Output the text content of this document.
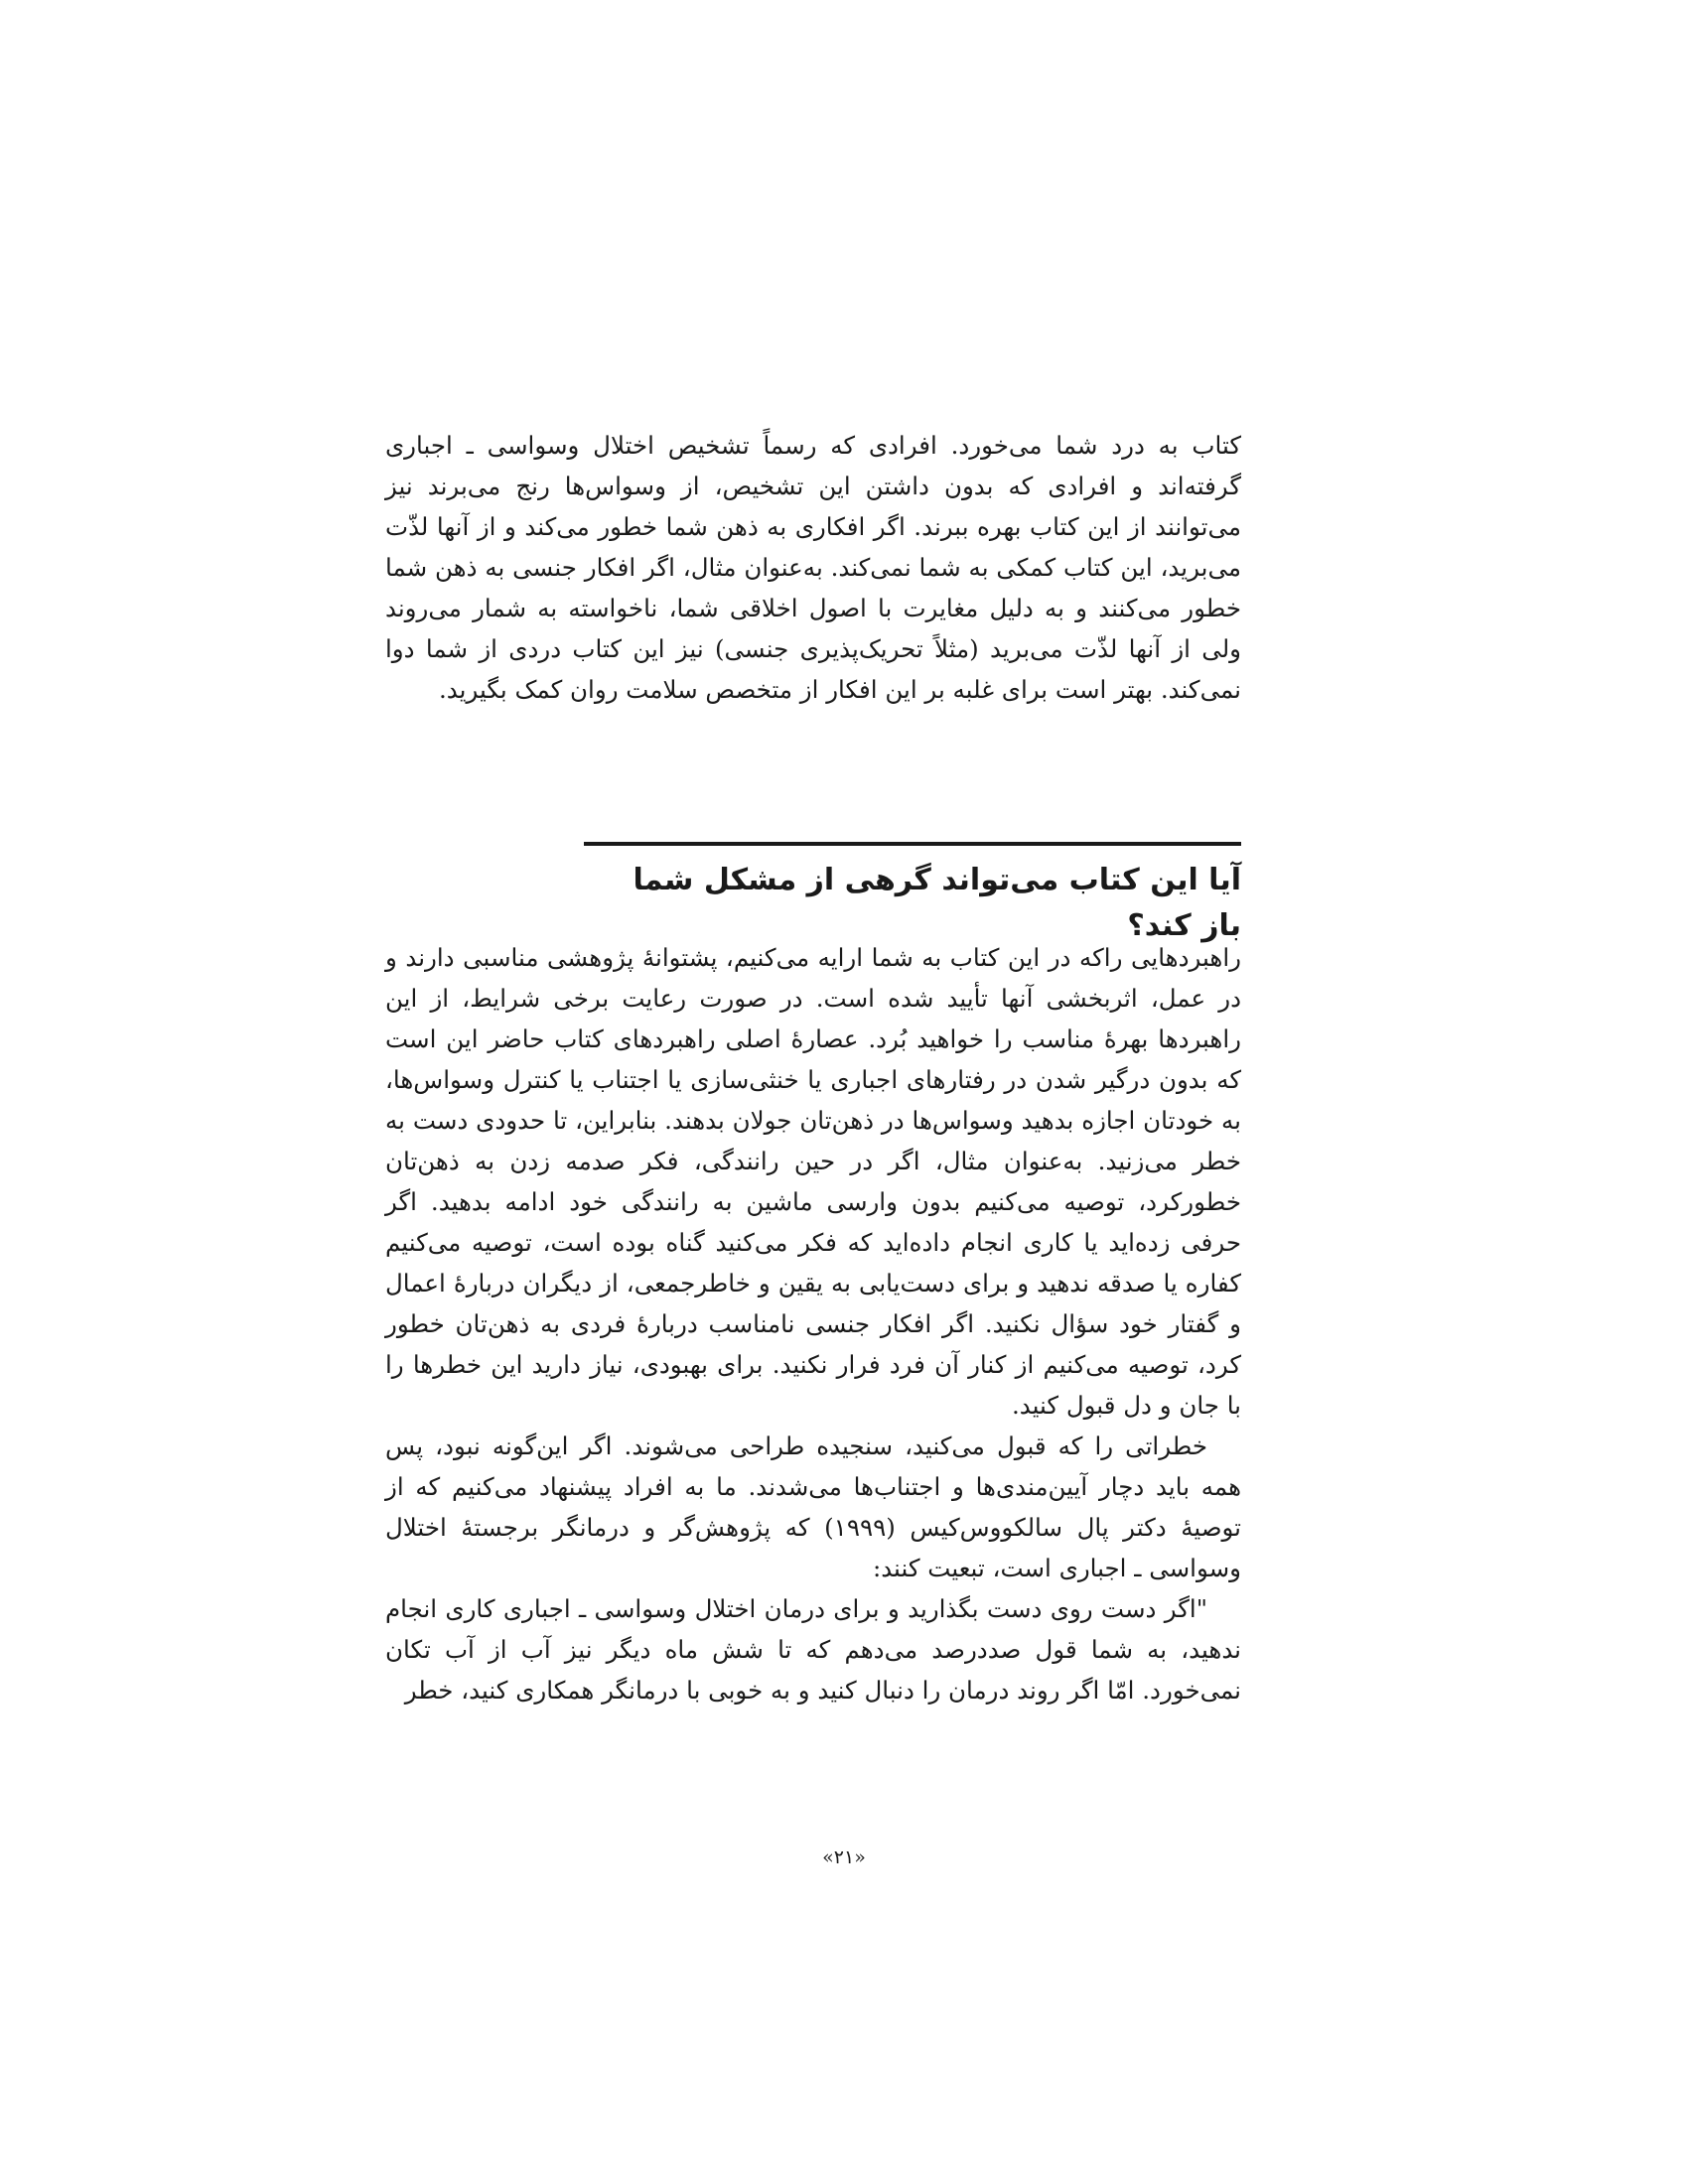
کتاب به درد شما می‌خورد. افرادی که رسماً تشخیص اختلال وسواسی ـ اجباری گرفته‌اند و افرادی که بدون داشتن این تشخیص، از وسواس‌ها رنج می‌برند نیز می‌توانند از این کتاب بهره ببرند. اگر افکاری به ذهن شما خطور می‌کند و از آنها لذّت می‌برید، این کتاب کمکی به شما نمی‌کند. به‌عنوان مثال، اگر افکار جنسی به ذهن شما خطور می‌کنند و به دلیل مغایرت با اصول اخلاقی شما، ناخواسته به شمار می‌روند ولی از آنها لذّت می‌برید (مثلاً تحریک‌پذیری جنسی) نیز این کتاب دردی از شما دوا نمی‌کند. بهتر است برای غلبه بر این افکار از متخصص سلامت روان کمک بگیرید.

آیا این کتاب می‌تواند گرهی از مشکل شما باز کند؟

راهبردهایی راکه در این کتاب به شما ارایه می‌کنیم، پشتوانهٔ پژوهشی مناسبی دارند و در عمل، اثربخشی آنها تأیید شده است. در صورت رعایت برخی شرایط، از این راهبردها بهرهٔ مناسب را خواهید بُرد. عصارهٔ اصلی راهبردهای کتاب حاضر این است که بدون درگیر شدن در رفتارهای اجباری یا خنثی‌سازی یا اجتناب یا کنترل وسواس‌ها، به خودتان اجازه بدهید وسواس‌ها در ذهن‌تان جولان بدهند. بنابراین، تا حدودی دست به خطر می‌زنید. به‌عنوان مثال، اگر در حین رانندگی، فکر صدمه زدن به ذهن‌تان خطورکرد، توصیه می‌کنیم بدون وارسی ماشین به رانندگی خود ادامه بدهید. اگر حرفی زده‌اید یا کاری انجام داده‌اید که فکر می‌کنید گناه بوده است، توصیه می‌کنیم کفاره یا صدقه ندهید و برای دست‌یابی به یقین و خاطرجمعی، از دیگران دربارهٔ اعمال و گفتار خود سؤال نکنید. اگر افکار جنسی نامناسب دربارهٔ فردی به ذهن‌تان خطور کرد، توصیه می‌کنیم از کنار آن فرد فرار نکنید. برای بهبودی، نیاز دارید این خطرها را با جان و دل قبول کنید.

خطراتی را که قبول می‌کنید، سنجیده طراحی می‌شوند. اگر این‌گونه نبود، پس همه باید دچار آیین‌مندی‌ها و اجتناب‌ها می‌شدند. ما به افراد پیشنهاد می‌کنیم که از توصیهٔ دکتر پال سالکووس‌کیس (۱۹۹۹) که پژوهش‌گر و درمانگر برجستهٔ اختلال وسواسی ـ اجباری است، تبعیت کنند:

"اگر دست روی دست بگذارید و برای درمان اختلال وسواسی ـ اجباری کاری انجام ندهید، به شما قول صددرصد می‌دهم که تا شش ماه دیگر نیز آب از آب تکان نمی‌خورد. امّا اگر روند درمان را دنبال کنید و به خوبی با درمانگر همکاری کنید، خطر

«۲۱»
